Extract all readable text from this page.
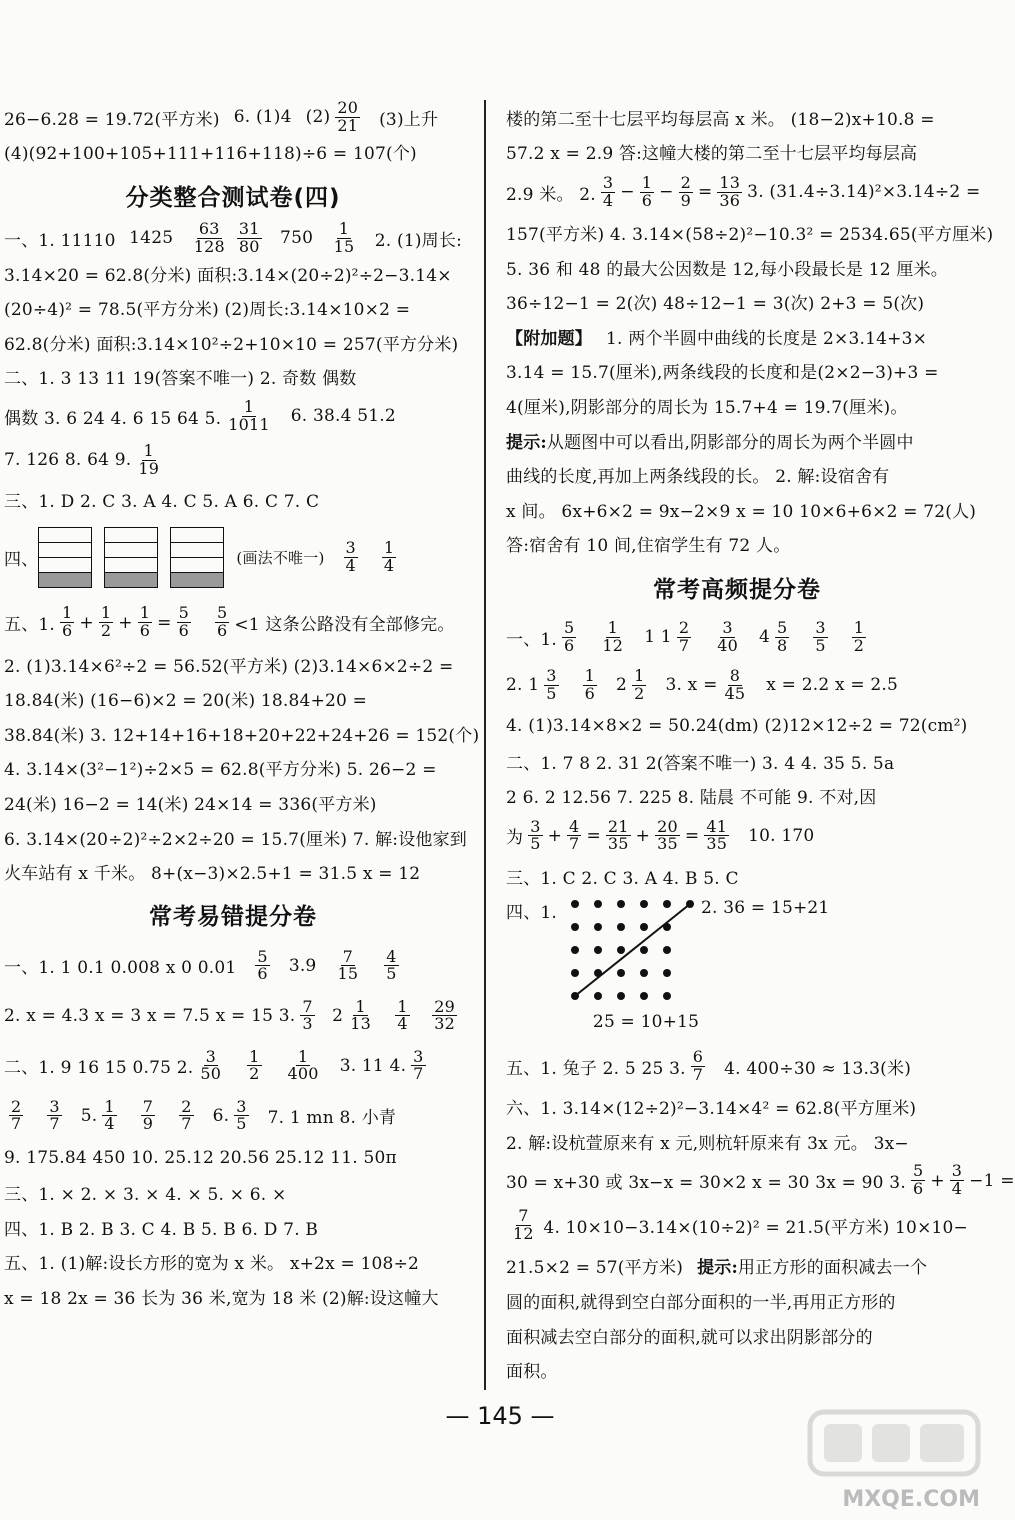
26−6.28 = 19.72(平方米) 6. (1)4 $(2) \frac{20}{21} (3)$上升
(4)(92+100+105+111+116+118)÷6 = 107(个)
分类整合测试卷(四)
一、1. 11110 $1425 \frac{63}{128} \frac{31}{80} 750 \frac{1}{15} 2$. (1)周长:
3.14×20 = 62.8(分米) 面积:3.14×(20÷2)²÷2−3.14×
(20÷4)² = 78.5(平方分米) (2)周长:3.14×10×2 =
62.8(分米) 面积:3.14×10²÷2+10×10 = 257(平方分米)
二、1. 3 13 11 19(答案不唯一) 2. 奇数 偶数
偶数 3. 6 24 4. 6 15 64 5. $\frac{1}{1011} 6$. 38.4 51.2
7. 126 8. 64 9. $\frac{1}{19}$
三、1. D 2. C 3. A 4. C 5. A 6. C 7. C
四、	(画法不唯一) $\frac{3}{4} \frac{1}{4}$
五、1. $\frac{1}{6} + \frac{1}{2} + \frac{1}{6} = \frac{5}{6} \frac{5}{6} <1$ 这条公路没有全部修完。
2. (1)3.14×6²÷2 = 56.52(平方米) (2)3.14×6×2÷2 =
18.84(米) (16−6)×2 = 20(米) 18.84+20 =
38.84(米) 3. 12+14+16+18+20+22+24+26 = 152(个)
4. 3.14×(3²−1²)÷2×5 = 62.8(平方分米) 5. 26−2 =
24(米) 16−2 = 14(米) 24×14 = 336(平方米)
6. 3.14×(20÷2)²÷2×2÷20 = 15.7(厘米) 7. 解:设他家到
火车站有 x 千米。 8+(x−3)×2.5+1 = 31.5 x = 12
常考易错提分卷
一、1. 1 0.1 0.008 x 0 $0.01 \frac{5}{6} 3.9 \frac{7}{15} \frac{4}{5}$
2. x = 4.3 x = 3 x = 7.5 x = 15 3. $\frac{7}{3} 2 \frac{1}{13} \frac{1}{4} \frac{29}{32}$
二、1. 9 16 15 0.75 2. $\frac{3}{50} \frac{1}{2} \frac{1}{400} 3$. 11 4. $\frac{3}{7}$
$\frac{2}{7} \frac{3}{7} 5$. $\frac{1}{4} \frac{7}{9} \frac{2}{7} 6$. $\frac{3}{5} 7$. 1 mn 8. 小青
9. 175.84 450 10. 25.12 20.56 25.12 11. 50π
三、1. × 2. × 3. × 4. × 5. × 6. ×
四、1. B 2. B 3. C 4. B 5. B 6. D 7. B
五、1. (1)解:设长方形的宽为 x 米。 x+2x = 108÷2
x = 18 2x = 36 长为 36 米,宽为 18 米 (2)解:设这幢大
楼的第二至十七层平均每层高 x 米。 (18−2)x+10.8 =
57.2 x = 2.9 答:这幢大楼的第二至十七层平均每层高
2.9 米。 2. $\frac{3}{4} - \frac{1}{6} - \frac{2}{9} = \frac{13}{36} 3$. (31.4÷3.14)²×3.14÷2 =
157(平方米) 4. 3.14×(58÷2)²−10.3² = 2534.65(平方厘米)
5. 36 和 48 的最大公因数是 12,每小段最长是 12 厘米。
36÷12−1 = 2(次) 48÷12−1 = 3(次) 2+3 = 5(次)
【附加题】 1. 两个半圆中曲线的长度是 2×3.14+3×
3.14 = 15.7(厘米),两条线段的长度和是(2×2−3)+3 =
4(厘米),阴影部分的周长为 15.7+4 = 19.7(厘米)。
提示: 从题图中可以看出,阴影部分的周长为两个半圆中
曲线的长度,再加上两条线段的长。 2. 解:设宿舍有
x 间。 6x+6×2 = 9x−2×9 x = 10 10×6+6×2 = 72(人)
答:宿舍有 10 间,住宿学生有 72 人。
常考高频提分卷
一、1. $\frac{5}{6} \frac{1}{12} 1$ $1 \frac{2}{7} \frac{3}{40} 4 \frac{5}{8} \frac{3}{5} \frac{1}{2}$
2. $1 \frac{3}{5} \frac{1}{6} 2 \frac{1}{2} 3$. $x = \frac{8}{45}$ x = 2.2 x = 2.5
4. (1)3.14×8×2 = 50.24(dm) (2)12×12÷2 = 72(cm²)
二、1. 7 8 2. 31 2(答案不唯一) 3. 4 4. 35 5. 5a
2 6. 2 12.56 7. 225 8. 陆晨 不可能 9. 不对,因
为 $\frac{3}{5} + \frac{4}{7} = \frac{21}{35} + \frac{20}{35} = \frac{41}{35} 10$. 170
三、1. C 2. C 3. A 4. B 5. C
四、1.
25 = 10+15
2. 36 = 15+21
五、1. 兔子 2. 5 25 3. $\frac{6}{7} 4$. 400÷30 ≈ 13.3(米)
六、1. 3.14×(12÷2)²−3.14×4² = 62.8(平方厘米)
2. 解:设杭萱原来有 x 元,则杭轩原来有 3x 元。 3x−
30 = x+30 或 3x−x = 30×2 x = 30 3x = 90 3. $\frac{5}{6} + \frac{3}{4} -1$ =
$\frac{7}{12} 4$. 10×10−3.14×(10÷2)² = 21.5(平方米) 10×10−
21.5×2 = 57(平方米) 提示: 用正方形的面积减去一个
圆的面积,就得到空白部分面积的一半,再用正方形的
面积减去空白部分的面积,就可以求出阴影部分的
面积。
— 145 —
MXQE.COM
